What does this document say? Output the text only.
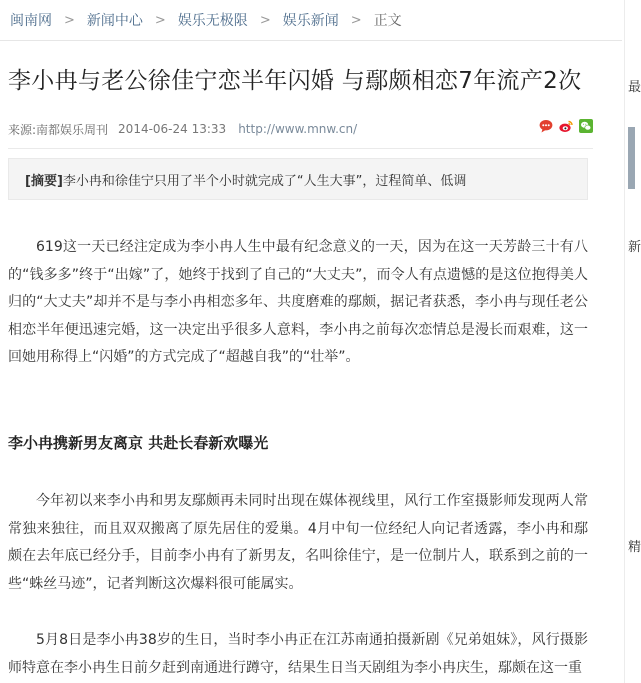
闽南网 > 新闻中心 > 娱乐无极限 > 娱乐新闻 > 正文
李小冉与老公徐佳宁恋半年闪婚 与鄢颇相恋7年流产2次
来源:南都娱乐周刊 2014-06-24 13:33 http://www.mnw.cn/
[摘要] 李小冉和徐佳宁只用了半个小时就完成了“人生大事”，过程简单、低调

619这一天已经注定成为李小冉人生中最有纪念意义的一天，因为在这一天芳龄三十有八的“钱多多”终于“出嫁”了，她终于找到了自己的“大丈夫”，而令人有点遗憾的是这位抱得美人归的“大丈夫”却并不是与李小冉相恋多年、共度磨难的鄢颇，据记者获悉，李小冉与现任老公相恋半年便迅速完婚，这一决定出乎很多人意料，李小冉之前每次恋情总是漫长而艰难，这一回她用称得上“闪婚”的方式完成了“超越自我”的“壮举”。

李小冉携新男友离京 共赴长春新欢曝光

今年初以来李小冉和男友鄢颇再未同时出现在媒体视线里，风行工作室摄影师发现两人常常独来独往，而且双双搬离了原先居住的爱巢。4月中旬一位经纪人向记者透露，李小冉和鄢颇在去年底已经分手，目前李小冉有了新男友，名叫徐佳宁，是一位制片人，联系到之前的一些“蛛丝马迹”，记者判断这次爆料很可能属实。

5月8日是李小冉38岁的生日，当时李小冉正在江苏南通拍摄新剧《兄弟姐妹》，风行摄影师特意在李小冉生日前夕赶到南通进行蹲守，结果生日当天剧组为李小冉庆生，鄢颇在这一重

最
新
精
